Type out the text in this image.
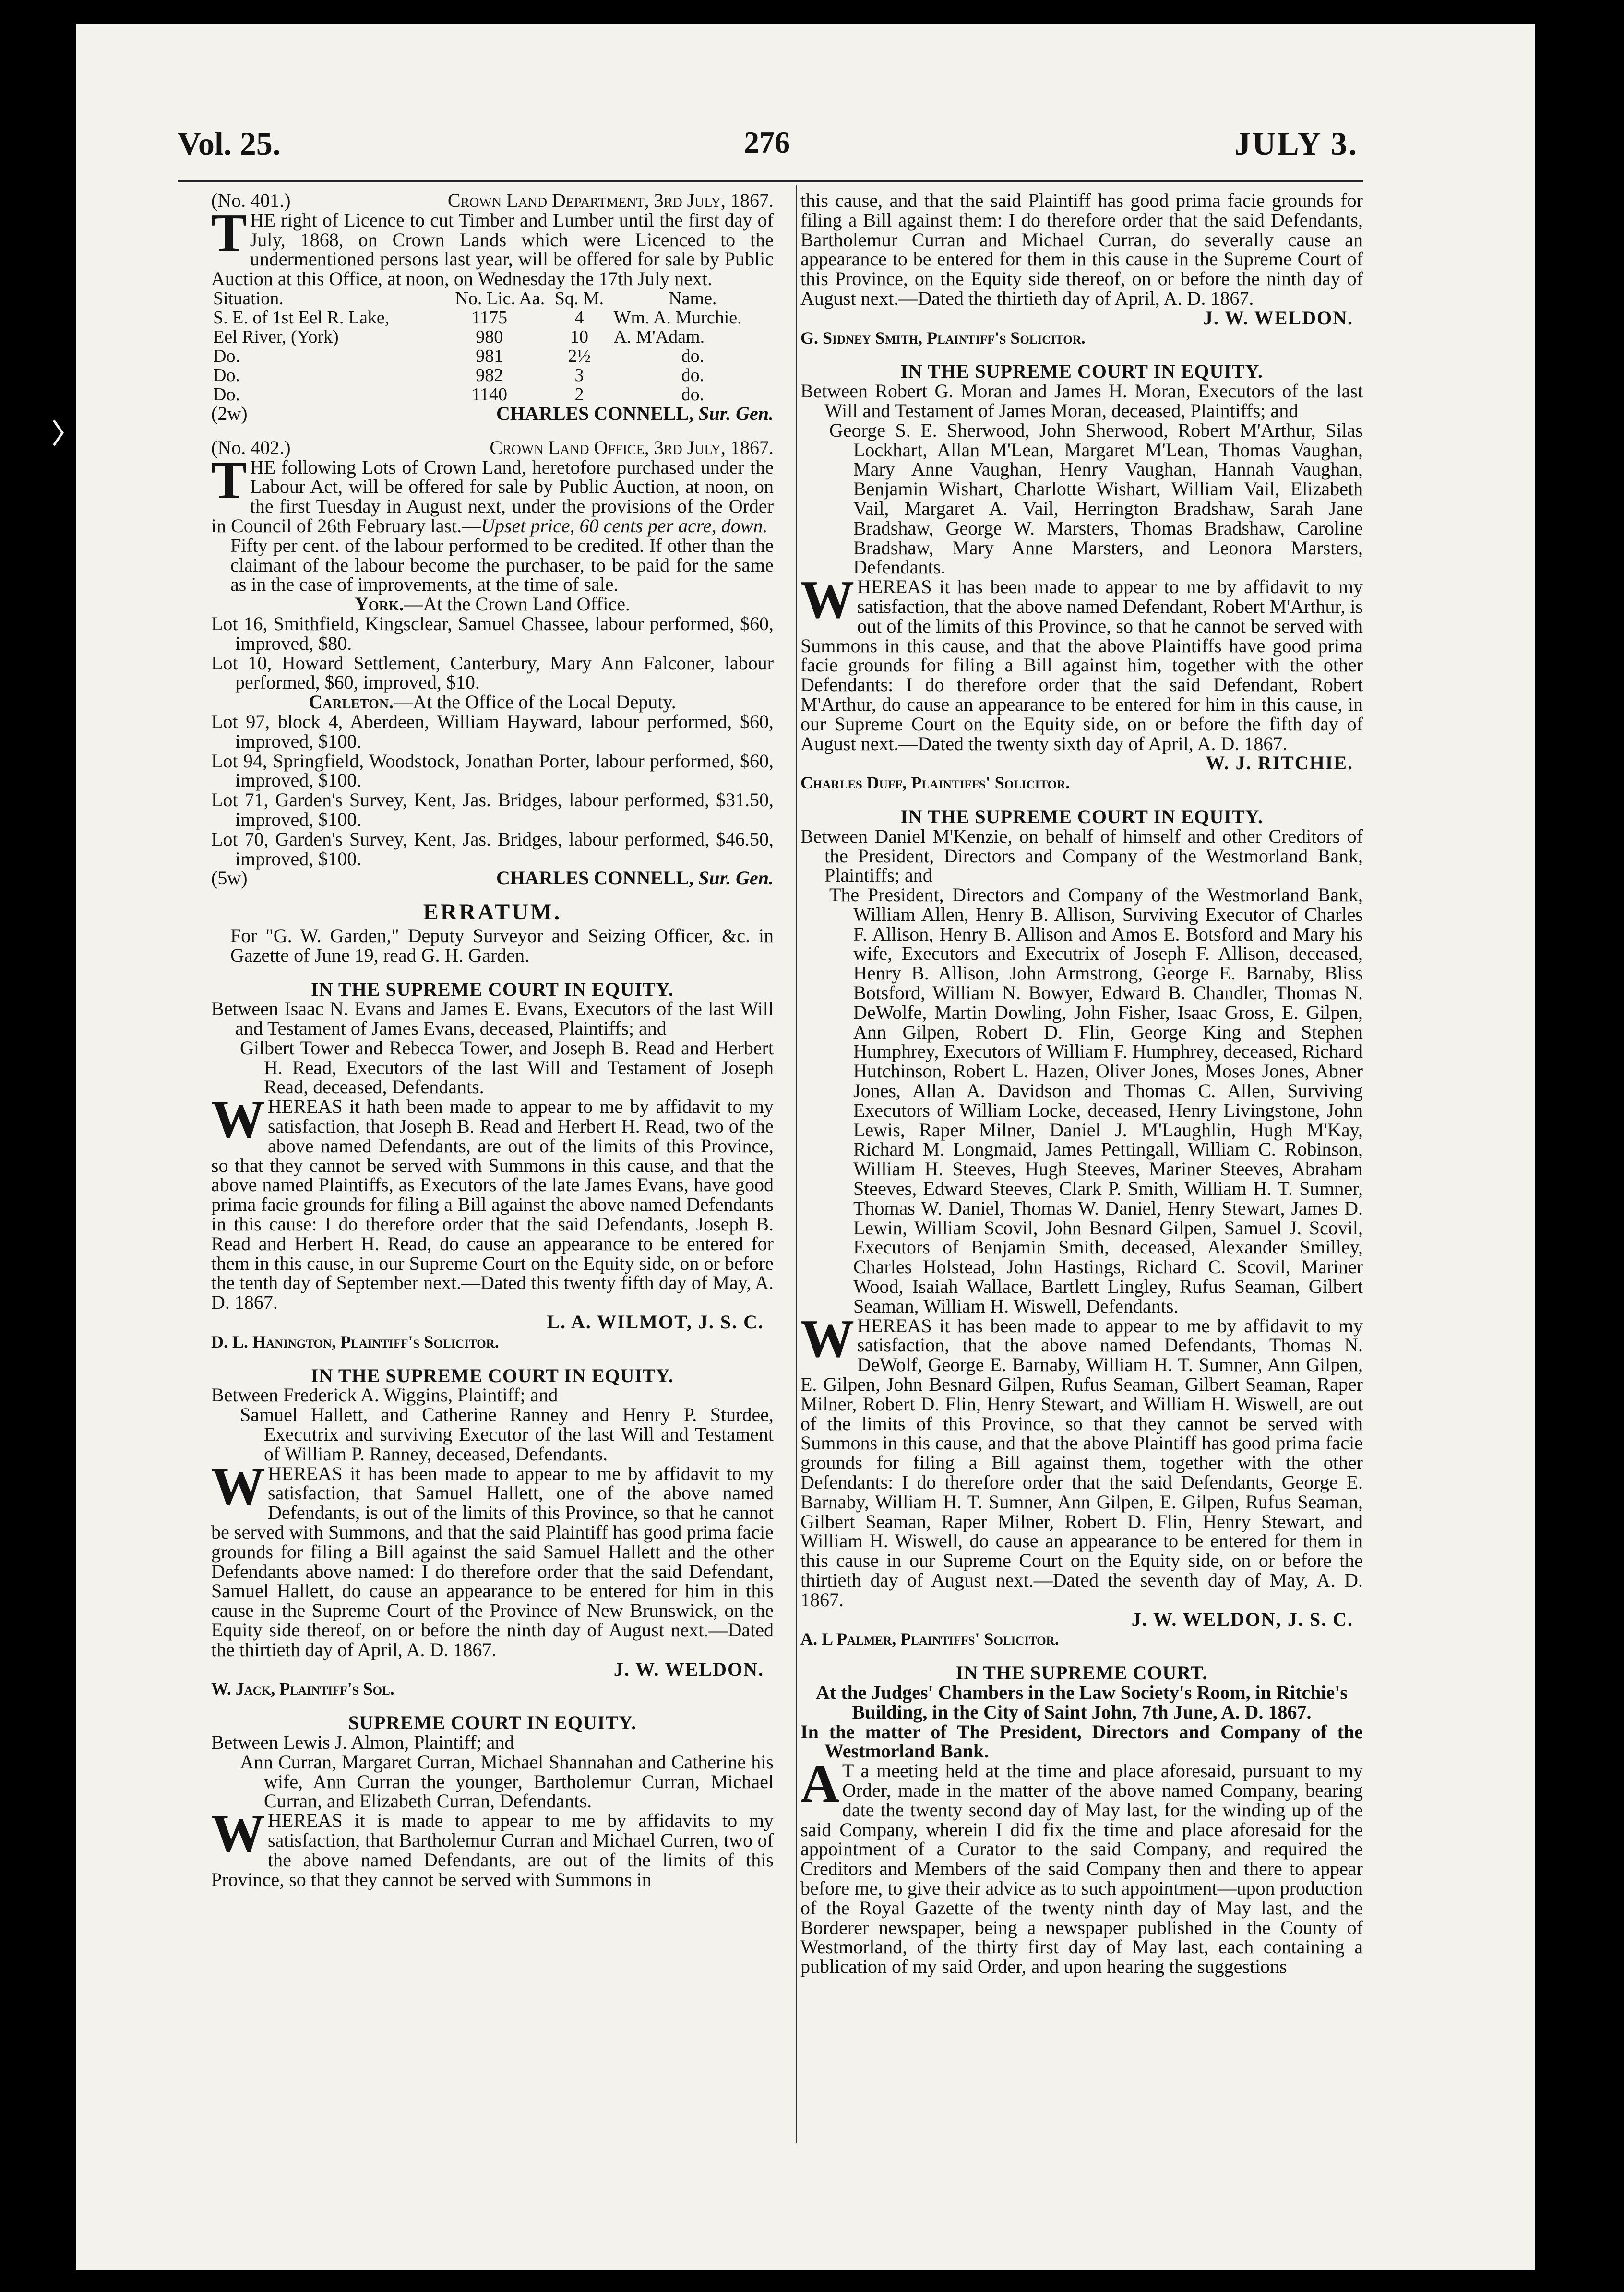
Vol. 25.	276	JULY 3.
(No. 401.)	Crown Land Department, 3rd July, 1867.

THE right of Licence to cut Timber and Lumber until the first day of July, 1868, on Crown Lands which were Licenced to the undermentioned persons last year, will be offered for sale by Public Auction at this Office, at noon, on Wednesday the 17th July next.

Situation.	No. Lic. Aa.	Sq. M.	Name.
S. E. of 1st Eel R. Lake,	1175	4	Wm. A. Murchie.
Eel River, (York)	980	10	A. M'Adam.
Do.	981	2½	do.
Do.	982	3	do.
Do.	1140	2	do.
(2w)	CHARLES CONNELL, Sur. Gen.
(No. 402.)	Crown Land Office, 3rd July, 1867.

THE following Lots of Crown Land, heretofore purchased under the Labour Act, will be offered for sale by Public Auction, at noon, on the first Tuesday in August next, under the provisions of the Order in Council of 26th February last.—Upset price, 60 cents per acre, down.

Fifty per cent. of the labour performed to be credited. If other than the claimant of the labour become the purchaser, to be paid for the same as in the case of improvements, at the time of sale.

York.—At the Crown Land Office.

Lot 16, Smithfield, Kingsclear, Samuel Chassee, labour performed, $60, improved, $80.

Lot 10, Howard Settlement, Canterbury, Mary Ann Falconer, labour performed, $60, improved, $10.

Carleton.—At the Office of the Local Deputy.

Lot 97, block 4, Aberdeen, William Hayward, labour performed, $60, improved, $100.

Lot 94, Springfield, Woodstock, Jonathan Porter, labour performed, $60, improved, $100.

Lot 71, Garden's Survey, Kent, Jas. Bridges, labour performed, $31.50, improved, $100.

Lot 70, Garden's Survey, Kent, Jas. Bridges, labour performed, $46.50, improved, $100.

(5w)	CHARLES CONNELL, Sur. Gen.
ERRATUM.

For "G. W. Garden," Deputy Surveyor and Seizing Officer, &c. in Gazette of June 19, read G. H. Garden.

IN THE SUPREME COURT IN EQUITY.

Between Isaac N. Evans and James E. Evans, Executors of the last Will and Testament of James Evans, deceased, Plaintiffs; and

Gilbert Tower and Rebecca Tower, and Joseph B. Read and Herbert H. Read, Executors of the last Will and Testament of Joseph Read, deceased, Defendants.

WHEREAS it hath been made to appear to me by affidavit to my satisfaction, that Joseph B. Read and Herbert H. Read, two of the above named Defendants, are out of the limits of this Province, so that they cannot be served with Summons in this cause, and that the above named Plaintiffs, as Executors of the late James Evans, have good prima facie grounds for filing a Bill against the above named Defendants in this cause: I do therefore order that the said Defendants, Joseph B. Read and Herbert H. Read, do cause an appearance to be entered for them in this cause, in our Supreme Court on the Equity side, on or before the tenth day of September next.—Dated this twenty fifth day of May, A. D. 1867.

L. A. WILMOT, J. S. C.

D. L. Hanington, Plaintiff's Solicitor.

IN THE SUPREME COURT IN EQUITY.

Between Frederick A. Wiggins, Plaintiff; and

Samuel Hallett, and Catherine Ranney and Henry P. Sturdee, Executrix and surviving Executor of the last Will and Testament of William P. Ranney, deceased, Defendants.

WHEREAS it has been made to appear to me by affidavit to my satisfaction, that Samuel Hallett, one of the above named Defendants, is out of the limits of this Province, so that he cannot be served with Summons, and that the said Plaintiff has good prima facie grounds for filing a Bill against the said Samuel Hallett and the other Defendants above named: I do therefore order that the said Defendant, Samuel Hallett, do cause an appearance to be entered for him in this cause in the Supreme Court of the Province of New Brunswick, on the Equity side thereof, on or before the ninth day of August next.—Dated the thirtieth day of April, A. D. 1867.

J. W. WELDON.

W. Jack, Plaintiff's Sol.

SUPREME COURT IN EQUITY.

Between Lewis J. Almon, Plaintiff; and

Ann Curran, Margaret Curran, Michael Shannahan and Catherine his wife, Ann Curran the younger, Bartholemur Curran, Michael Curran, and Elizabeth Curran, Defendants.

WHEREAS it is made to appear to me by affidavits to my satisfaction, that Bartholemur Curran and Michael Curren, two of the above named Defendants, are out of the limits of this Province, so that they cannot be served with Summons in

this cause, and that the said Plaintiff has good prima facie grounds for filing a Bill against them: I do therefore order that the said Defendants, Bartholemur Curran and Michael Curran, do severally cause an appearance to be entered for them in this cause in the Supreme Court of this Province, on the Equity side thereof, on or before the ninth day of August next.—Dated the thirtieth day of April, A. D. 1867.

J. W. WELDON.

G. Sidney Smith, Plaintiff's Solicitor.

IN THE SUPREME COURT IN EQUITY.

Between Robert G. Moran and James H. Moran, Executors of the last Will and Testament of James Moran, deceased, Plaintiffs; and

George S. E. Sherwood, John Sherwood, Robert M'Arthur, Silas Lockhart, Allan M'Lean, Margaret M'Lean, Thomas Vaughan, Mary Anne Vaughan, Henry Vaughan, Hannah Vaughan, Benjamin Wishart, Charlotte Wishart, William Vail, Elizabeth Vail, Margaret A. Vail, Herrington Bradshaw, Sarah Jane Bradshaw, George W. Marsters, Thomas Bradshaw, Caroline Bradshaw, Mary Anne Marsters, and Leonora Marsters, Defendants.

WHEREAS it has been made to appear to me by affidavit to my satisfaction, that the above named Defendant, Robert M'Arthur, is out of the limits of this Province, so that he cannot be served with Summons in this cause, and that the above Plaintiffs have good prima facie grounds for filing a Bill against him, together with the other Defendants: I do therefore order that the said Defendant, Robert M'Arthur, do cause an appearance to be entered for him in this cause, in our Supreme Court on the Equity side, on or before the fifth day of August next.—Dated the twenty sixth day of April, A. D. 1867.

W. J. RITCHIE.

Charles Duff, Plaintiffs' Solicitor.

IN THE SUPREME COURT IN EQUITY.

Between Daniel M'Kenzie, on behalf of himself and other Creditors of the President, Directors and Company of the Westmorland Bank, Plaintiffs; and

The President, Directors and Company of the Westmorland Bank, William Allen, Henry B. Allison, Surviving Executor of Charles F. Allison, Henry B. Allison and Amos E. Botsford and Mary his wife, Executors and Executrix of Joseph F. Allison, deceased, Henry B. Allison, John Armstrong, George E. Barnaby, Bliss Botsford, William N. Bowyer, Edward B. Chandler, Thomas N. DeWolfe, Martin Dowling, John Fisher, Isaac Gross, E. Gilpen, Ann Gilpen, Robert D. Flin, George King and Stephen Humphrey, Executors of William F. Humphrey, deceased, Richard Hutchinson, Robert L. Hazen, Oliver Jones, Moses Jones, Abner Jones, Allan A. Davidson and Thomas C. Allen, Surviving Executors of William Locke, deceased, Henry Livingstone, John Lewis, Raper Milner, Daniel J. M'Laughlin, Hugh M'Kay, Richard M. Longmaid, James Pettingall, William C. Robinson, William H. Steeves, Hugh Steeves, Mariner Steeves, Abraham Steeves, Edward Steeves, Clark P. Smith, William H. T. Sumner, Thomas W. Daniel, Thomas W. Daniel, Henry Stewart, James D. Lewin, William Scovil, John Besnard Gilpen, Samuel J. Scovil, Executors of Benjamin Smith, deceased, Alexander Smilley, Charles Holstead, John Hastings, Richard C. Scovil, Mariner Wood, Isaiah Wallace, Bartlett Lingley, Rufus Seaman, Gilbert Seaman, William H. Wiswell, Defendants.

WHEREAS it has been made to appear to me by affidavit to my satisfaction, that the above named Defendants, Thomas N. DeWolf, George E. Barnaby, William H. T. Sumner, Ann Gilpen, E. Gilpen, John Besnard Gilpen, Rufus Seaman, Gilbert Seaman, Raper Milner, Robert D. Flin, Henry Stewart, and William H. Wiswell, are out of the limits of this Province, so that they cannot be served with Summons in this cause, and that the above Plaintiff has good prima facie grounds for filing a Bill against them, together with the other Defendants: I do therefore order that the said Defendants, George E. Barnaby, William H. T. Sumner, Ann Gilpen, E. Gilpen, Rufus Seaman, Gilbert Seaman, Raper Milner, Robert D. Flin, Henry Stewart, and William H. Wiswell, do cause an appearance to be entered for them in this cause in our Supreme Court on the Equity side, on or before the thirtieth day of August next.—Dated the seventh day of May, A. D. 1867.

J. W. WELDON, J. S. C.

A. L Palmer, Plaintiffs' Solicitor.

IN THE SUPREME COURT.

At the Judges' Chambers in the Law Society's Room, in Ritchie's Building, in the City of Saint John, 7th June, A. D. 1867.

In the matter of The President, Directors and Company of the Westmorland Bank.

AT a meeting held at the time and place aforesaid, pursuant to my Order, made in the matter of the above named Company, bearing date the twenty second day of May last, for the winding up of the said Company, wherein I did fix the time and place aforesaid for the appointment of a Curator to the said Company, and required the Creditors and Members of the said Company then and there to appear before me, to give their advice as to such appointment—upon production of the Royal Gazette of the twenty ninth day of May last, and the Borderer newspaper, being a newspaper published in the County of Westmorland, of the thirty first day of May last, each containing a publication of my said Order, and upon hearing the suggestions
